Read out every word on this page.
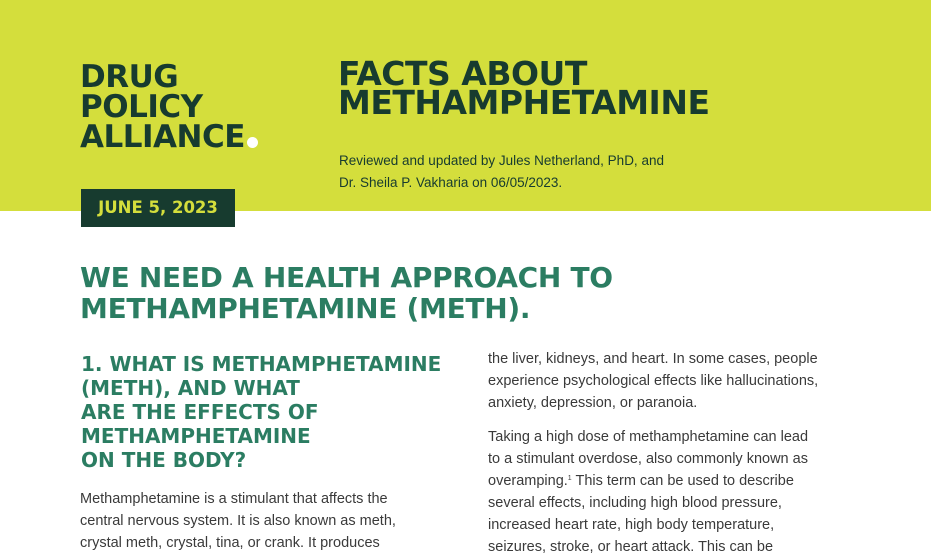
DRUG
POLICY
ALLIANCE
FACTS ABOUT
METHAMPHETAMINE
Reviewed and updated by Jules Netherland, PhD, and
Dr. Sheila P. Vakharia on 06/05/2023.
JUNE 5, 2023
WE NEED A HEALTH APPROACH TO
METHAMPHETAMINE (METH).
1. WHAT IS METHAMPHETAMINE
(METH), AND WHAT
ARE THE EFFECTS OF
METHAMPHETAMINE
ON THE BODY?
Methamphetamine is a stimulant that affects the
central nervous system. It is also known as meth,
crystal meth, crystal, tina, or crank. It produces
the liver, kidneys, and heart. In some cases, people
experience psychological effects like hallucinations,
anxiety, depression, or paranoia.
Taking a high dose of methamphetamine can lead
to a stimulant overdose, also commonly known as
overamping.$^1$ This term can be used to describe
several effects, including high blood pressure,
increased heart rate, high body temperature,
seizures, stroke, or heart attack. This can be
